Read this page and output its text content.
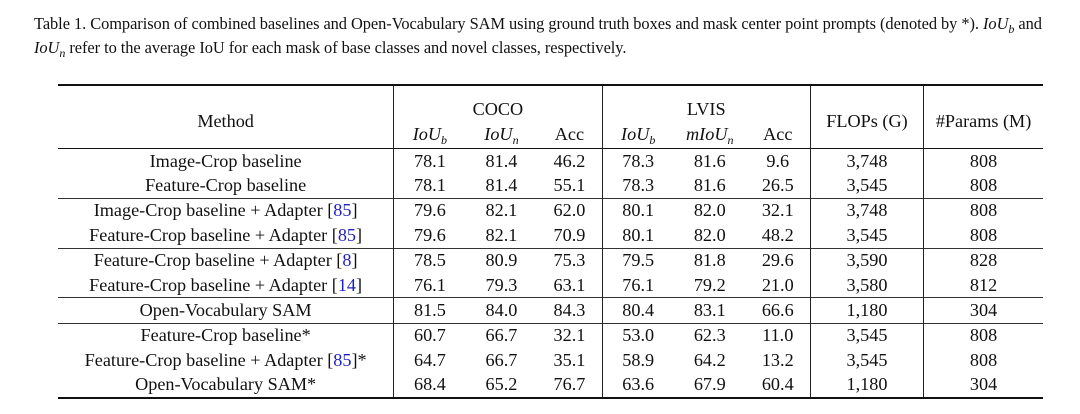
Table 1. Comparison of combined baselines and Open-Vocabulary SAM using ground truth boxes and mask center point prompts (denoted by *). IoU$_b$ and IoU$_n$ refer to the average IoU for each mask of base classes and novel classes, respectively.
Method	COCO			LVIS			FLOPs (G)	#Params (M)
	IoU$_b$	IoU$_n$	Acc	IoU$_b$	mIoU$_n$	Acc		
Image-Crop baseline	78.1	81.4	46.2	78.3	81.6	9.6	3,748	808
Feature-Crop baseline	78.1	81.4	55.1	78.3	81.6	26.5	3,545	808
Image-Crop baseline + Adapter [85]	79.6	82.1	62.0	80.1	82.0	32.1	3,748	808
Feature-Crop baseline + Adapter [85]	79.6	82.1	70.9	80.1	82.0	48.2	3,545	808
Feature-Crop baseline + Adapter [8]	78.5	80.9	75.3	79.5	81.8	29.6	3,590	828
Feature-Crop baseline + Adapter [14]	76.1	79.3	63.1	76.1	79.2	21.0	3,580	812
Open-Vocabulary SAM	81.5	84.0	84.3	80.4	83.1	66.6	1,180	304
Feature-Crop baseline*	60.7	66.7	32.1	53.0	62.3	11.0	3,545	808
Feature-Crop baseline + Adapter [85]*	64.7	66.7	35.1	58.9	64.2	13.2	3,545	808
Open-Vocabulary SAM*	68.4	65.2	76.7	63.6	67.9	60.4	1,180	304
